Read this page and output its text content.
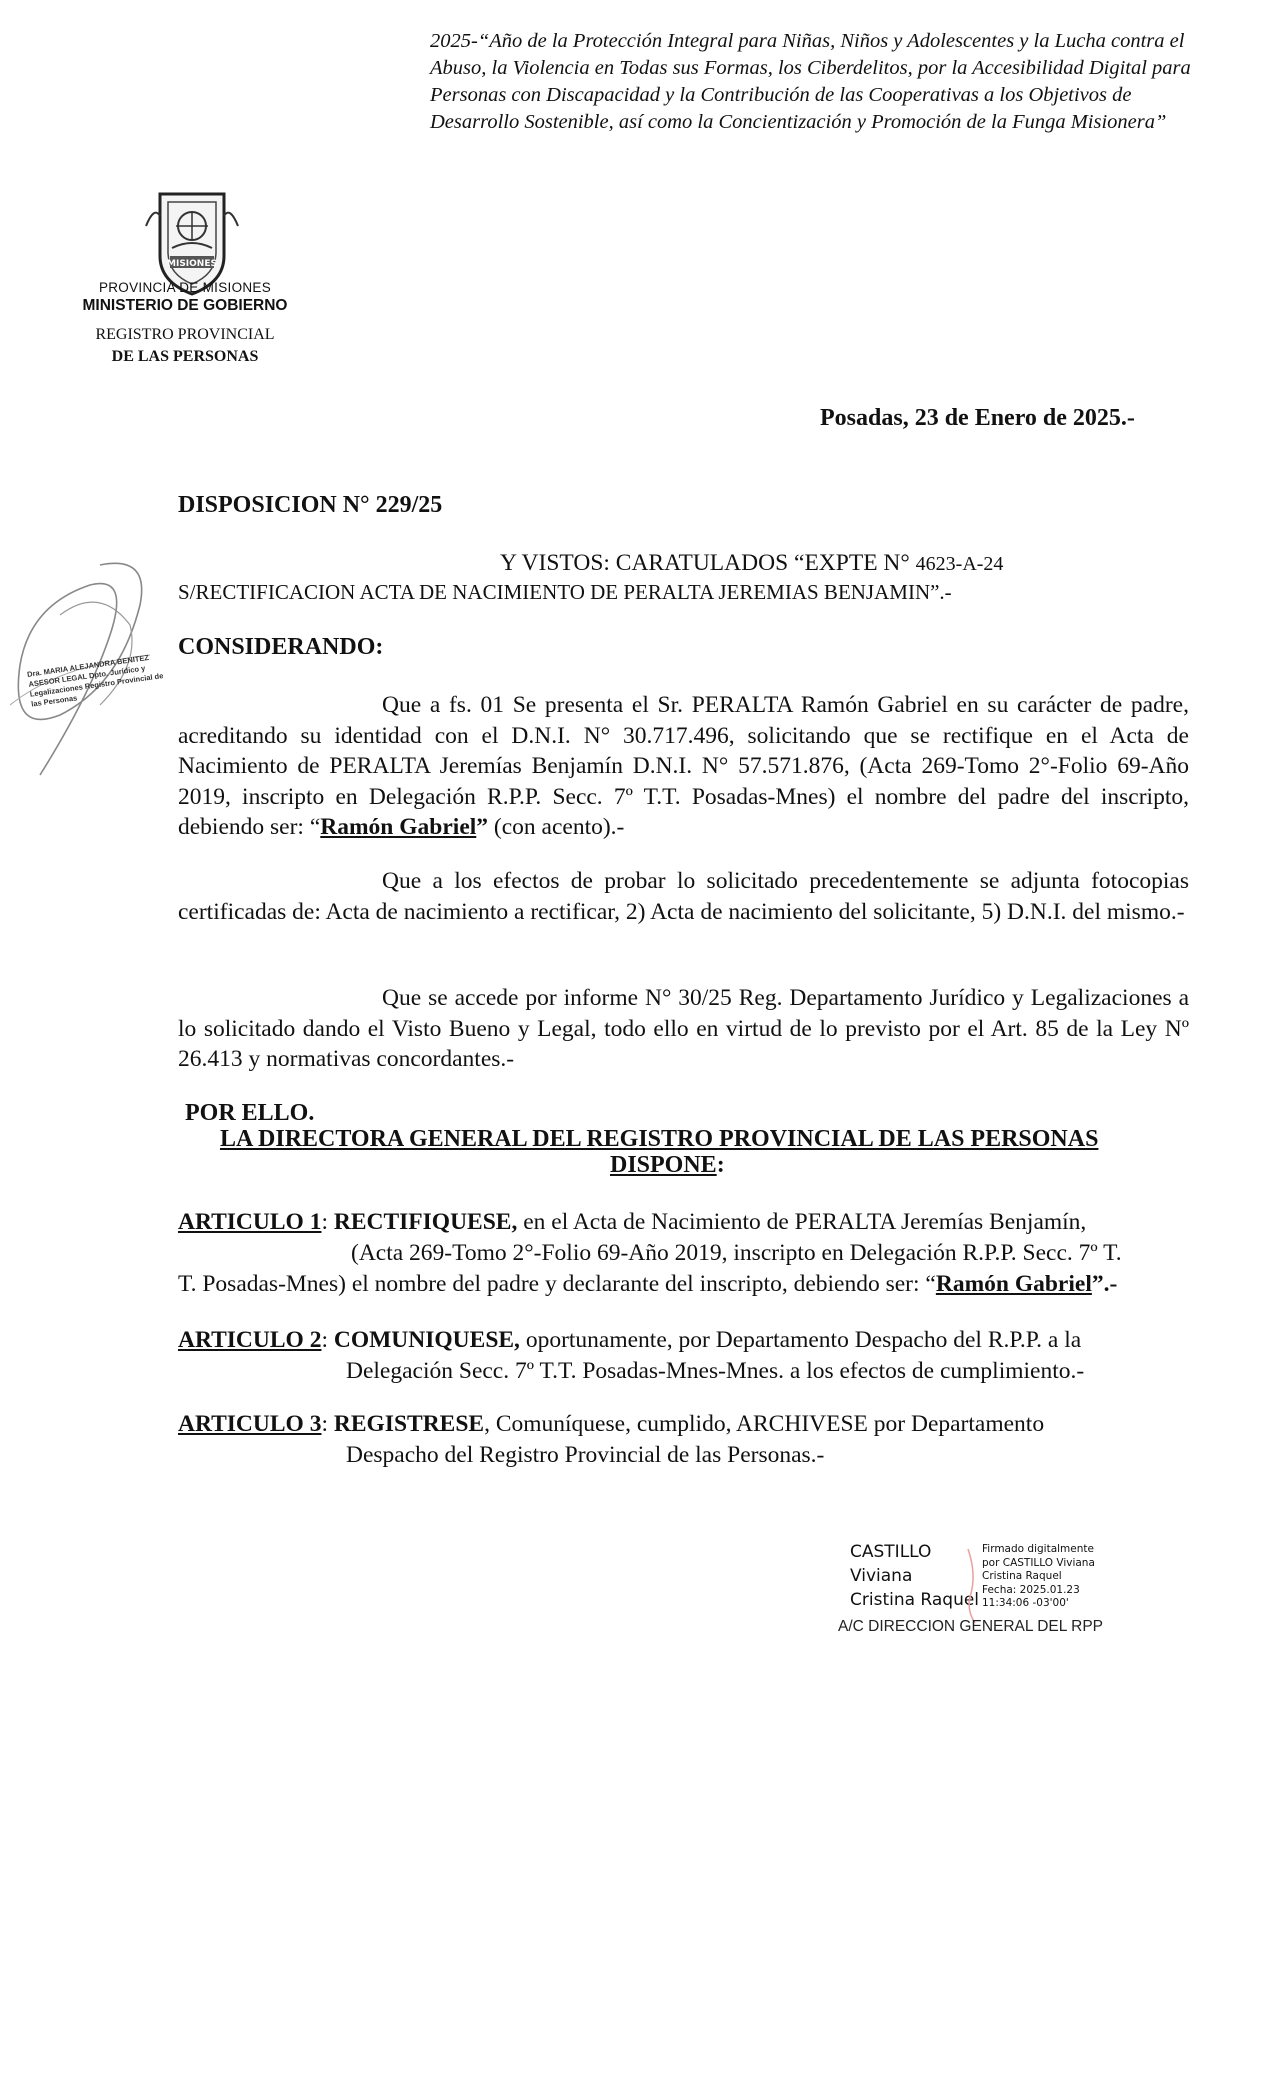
2025-“Año de la Protección Integral para Niñas, Niños y Adolescentes y la Lucha contra el Abuso, la Violencia en Todas sus Formas, los Ciberdelitos, por la Accesibilidad Digital para Personas con Discapacidad y la Contribución de las Cooperativas a los Objetivos de Desarrollo Sostenible, así como la Concientización y Promoción de la Funga Misionera”
MISIONES
PROVINCIA DE MISIONES
MINISTERIO DE GOBIERNO
REGISTRO PROVINCIAL
DE LAS PERSONAS
Dra. MARIA ALEJANDRA BENITEZ ASESOR LEGAL Dpto. Jurídico y Legalizaciones Registro Provincial de las Personas
Posadas, 23 de Enero de 2025.-
DISPOSICION N° 229/25
Y VISTOS: CARATULADOS “EXPTE N° 4623-A-24
S/RECTIFICACION ACTA DE NACIMIENTO DE PERALTA JEREMIAS BENJAMIN”.-
CONSIDERANDO:
Que a fs. 01 Se presenta el Sr. PERALTA Ramón Gabriel en su carácter de padre, acreditando su identidad con el D.N.I. N° 30.717.496, solicitando que se rectifique en el Acta de Nacimiento de PERALTA Jeremías Benjamín D.N.I. N° 57.571.876, (Acta 269-Tomo 2°-Folio 69-Año 2019, inscripto en Delegación R.P.P. Secc. 7º T.T. Posadas-Mnes) el nombre del padre del inscripto, debiendo ser: “Ramón Gabriel” (con acento).-
Que a los efectos de probar lo solicitado precedentemente se adjunta fotocopias certificadas de: Acta de nacimiento a rectificar, 2) Acta de nacimiento del solicitante, 5) D.N.I. del mismo.-
Que se accede por informe N° 30/25 Reg. Departamento Jurídico y Legalizaciones a lo solicitado dando el Visto Bueno y Legal, todo ello en virtud de lo previsto por el Art. 85 de la Ley Nº 26.413 y normativas concordantes.-
POR ELLO.
LA DIRECTORA GENERAL DEL REGISTRO PROVINCIAL DE LAS PERSONAS
DISPONE:
ARTICULO 1: RECTIFIQUESE, en el Acta de Nacimiento de PERALTA Jeremías Benjamín,
(Acta 269-Tomo 2°-Folio 69-Año 2019, inscripto en Delegación R.P.P. Secc. 7º T.
T. Posadas-Mnes) el nombre del padre y declarante del inscripto, debiendo ser: “Ramón Gabriel”.-
ARTICULO 2: COMUNIQUESE, oportunamente, por Departamento Despacho del R.P.P. a la
Delegación Secc. 7º T.T. Posadas-Mnes-Mnes. a los efectos de cumplimiento.-
ARTICULO 3: REGISTRESE, Comuníquese, cumplido, ARCHIVESE por Departamento
Despacho del Registro Provincial de las Personas.-
CASTILLO
Viviana
Cristina Raquel
Firmado digitalmente
por CASTILLO Viviana
Cristina Raquel
Fecha: 2025.01.23
11:34:06 -03'00'
A/C DIRECCION GENERAL DEL RPP
